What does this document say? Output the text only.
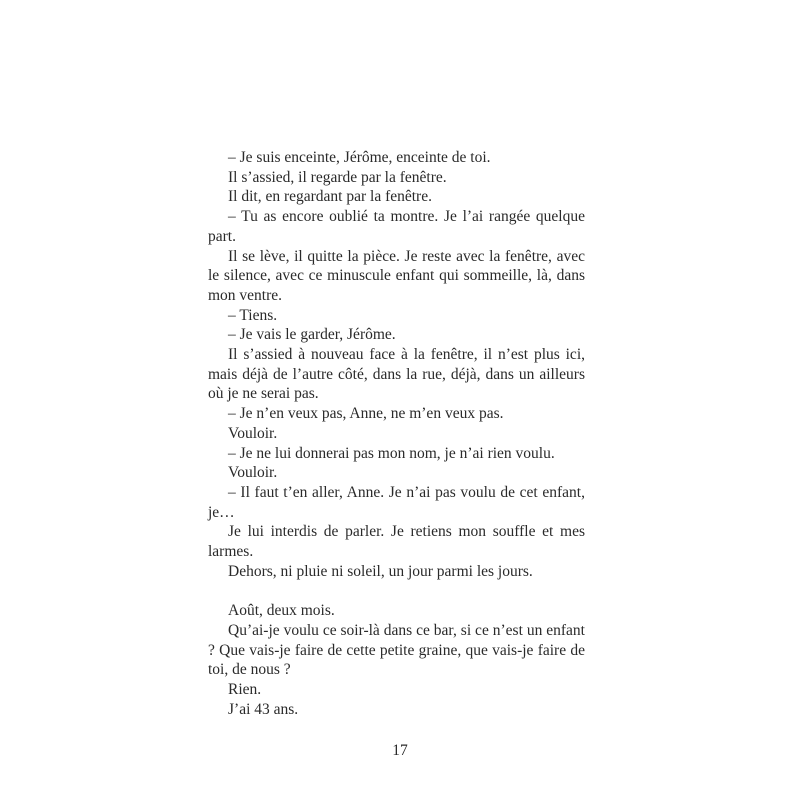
– Je suis enceinte, Jérôme, enceinte de toi.

Il s’assied, il regarde par la fenêtre.

Il dit, en regardant par la fenêtre.

– Tu as encore oublié ta montre. Je l’ai rangée quelque part.

Il se lève, il quitte la pièce. Je reste avec la fenêtre, avec le silence, avec ce minuscule enfant qui sommeille, là, dans mon ventre.

– Tiens.

– Je vais le garder, Jérôme.

Il s’assied à nouveau face à la fenêtre, il n’est plus ici, mais déjà de l’autre côté, dans la rue, déjà, dans un ailleurs où je ne serai pas.

– Je n’en veux pas, Anne, ne m’en veux pas.

Vouloir.

– Je ne lui donnerai pas mon nom, je n’ai rien voulu.

Vouloir.

– Il faut t’en aller, Anne. Je n’ai pas voulu de cet enfant, je…

Je lui interdis de parler. Je retiens mon souffle et mes larmes.

Dehors, ni pluie ni soleil, un jour parmi les jours.

Août, deux mois.

Qu’ai-je voulu ce soir-là dans ce bar, si ce n’est un enfant ? Que vais-je faire de cette petite graine, que vais-je faire de toi, de nous ?

Rien.

J’ai 43 ans.

17
